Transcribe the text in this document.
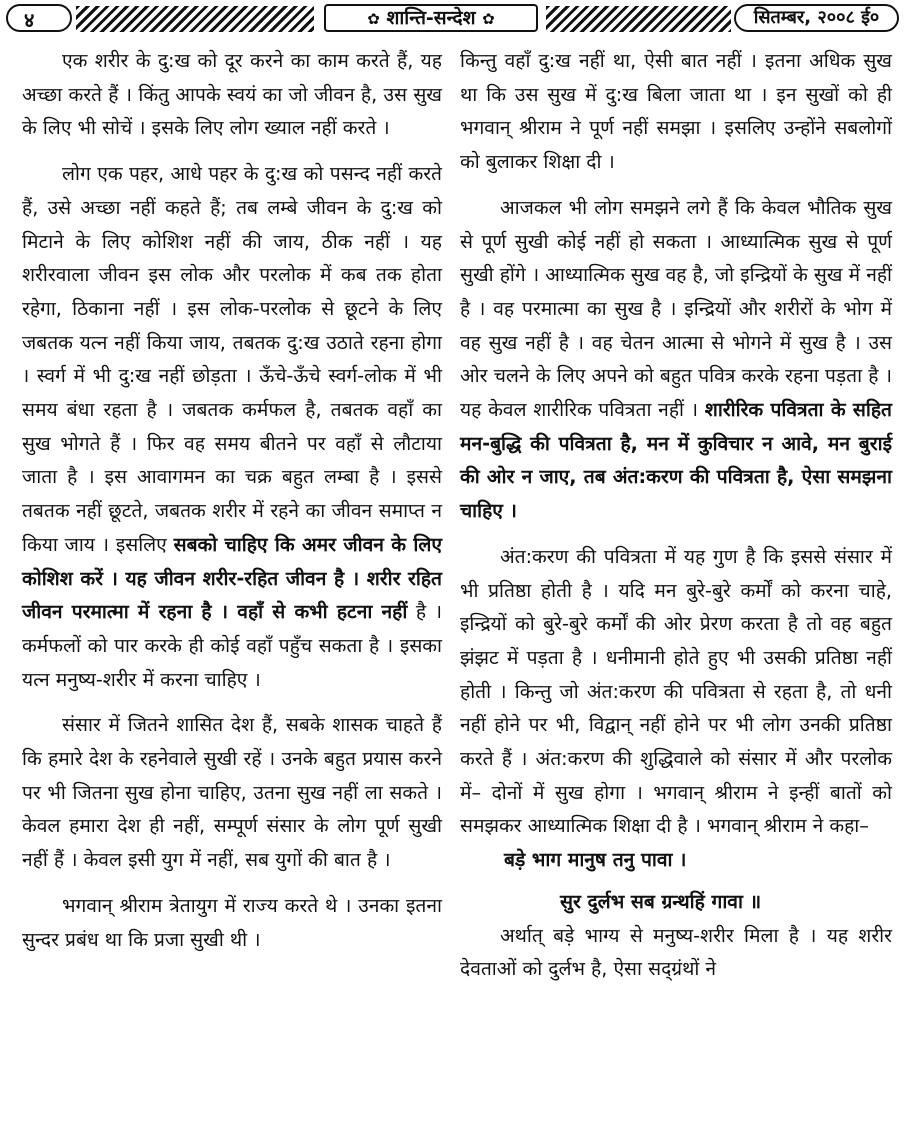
४	✿ शान्ति-सन्देश ✿	सितम्बर, २००८ ई०

एक शरीर के दु:ख को दूर करने का काम करते हैं, यह अच्छा करते हैं । किंतु आपके स्वयं का जो जीवन है, उस सुख के लिए भी सोचें । इसके लिए लोग ख्याल नहीं करते ।

लोग एक पहर, आधे पहर के दु:ख को पसन्द नहीं करते हैं, उसे अच्छा नहीं कहते हैं; तब लम्बे जीवन के दु:ख को मिटाने के लिए कोशिश नहीं की जाय, ठीक नहीं । यह शरीरवाला जीवन इस लोक और परलोक में कब तक होता रहेगा, ठिकाना नहीं । इस लोक-परलोक से छूटने के लिए जबतक यत्न नहीं किया जाय, तबतक दु:ख उठाते रहना होगा । स्वर्ग में भी दु:ख नहीं छोड़ता । ऊँचे-ऊँचे स्वर्ग-लोक में भी समय बंधा रहता है । जबतक कर्मफल है, तबतक वहाँ का सुख भोगते हैं । फिर वह समय बीतने पर वहाँ से लौटाया जाता है । इस आवागमन का चक्र बहुत लम्बा है । इससे तबतक नहीं छूटते, जबतक शरीर में रहने का जीवन समाप्त न किया जाय । इसलिए सबको चाहिए कि अमर जीवन के लिए कोशिश करें । यह जीवन शरीर-रहित जीवन है । शरीर रहित जीवन परमात्मा में रहना है । वहाँ से कभी हटना नहीं है । कर्मफलों को पार करके ही कोई वहाँ पहुँच सकता है । इसका यत्न मनुष्य-शरीर में करना चाहिए ।

संसार में जितने शासित देश हैं, सबके शासक चाहते हैं कि हमारे देश के रहनेवाले सुखी रहें । उनके बहुत प्रयास करने पर भी जितना सुख होना चाहिए, उतना सुख नहीं ला सकते । केवल हमारा देश ही नहीं, सम्पूर्ण संसार के लोग पूर्ण सुखी नहीं हैं । केवल इसी युग में नहीं, सब युगों की बात है ।

भगवान् श्रीराम त्रेतायुग में राज्य करते थे । उनका इतना सुन्दर प्रबंध था कि प्रजा सुखी थी ।

किन्तु वहाँ दु:ख नहीं था, ऐसी बात नहीं । इतना अधिक सुख था कि उस सुख में दु:ख बिला जाता था । इन सुखों को ही भगवान् श्रीराम ने पूर्ण नहीं समझा । इसलिए उन्होंने सबलोगों को बुलाकर शिक्षा दी ।

आजकल भी लोग समझने लगे हैं कि केवल भौतिक सुख से पूर्ण सुखी कोई नहीं हो सकता । आध्यात्मिक सुख से पूर्ण सुखी होंगे । आध्यात्मिक सुख वह है, जो इन्द्रियों के सुख में नहीं है । वह परमात्मा का सुख है । इन्द्रियों और शरीरों के भोग में वह सुख नहीं है । वह चेतन आत्मा से भोगने में सुख है । उस ओर चलने के लिए अपने को बहुत पवित्र करके रहना पड़ता है । यह केवल शारीरिक पवित्रता नहीं । शारीरिक पवित्रता के सहित मन-बुद्धि की पवित्रता है, मन में कुविचार न आवे, मन बुराई की ओर न जाए, तब अंत:करण की पवित्रता है, ऐसा समझना चाहिए ।

अंत:करण की पवित्रता में यह गुण है कि इससे संसार में भी प्रतिष्ठा होती है । यदि मन बुरे-बुरे कर्मों को करना चाहे, इन्द्रियों को बुरे-बुरे कर्मों की ओर प्रेरण करता है तो वह बहुत झंझट में पड़ता है । धनीमानी होते हुए भी उसकी प्रतिष्ठा नहीं होती । किन्तु जो अंत:करण की पवित्रता से रहता है, तो धनी नहीं होने पर भी, विद्वान् नहीं होने पर भी लोग उनकी प्रतिष्ठा करते हैं । अंत:करण की शुद्धिवाले को संसार में और परलोक में– दोनों में सुख होगा । भगवान् श्रीराम ने इन्हीं बातों को समझकर आध्यात्मिक शिक्षा दी है । भगवान् श्रीराम ने कहा–

बड़े भाग मानुष तनु पावा ।
सुर दुर्लभ सब ग्रन्थहिं गावा ॥

अर्थात् बड़े भाग्य से मनुष्य-शरीर मिला है । यह शरीर देवताओं को दुर्लभ है, ऐसा सद्ग्रंथों ने
